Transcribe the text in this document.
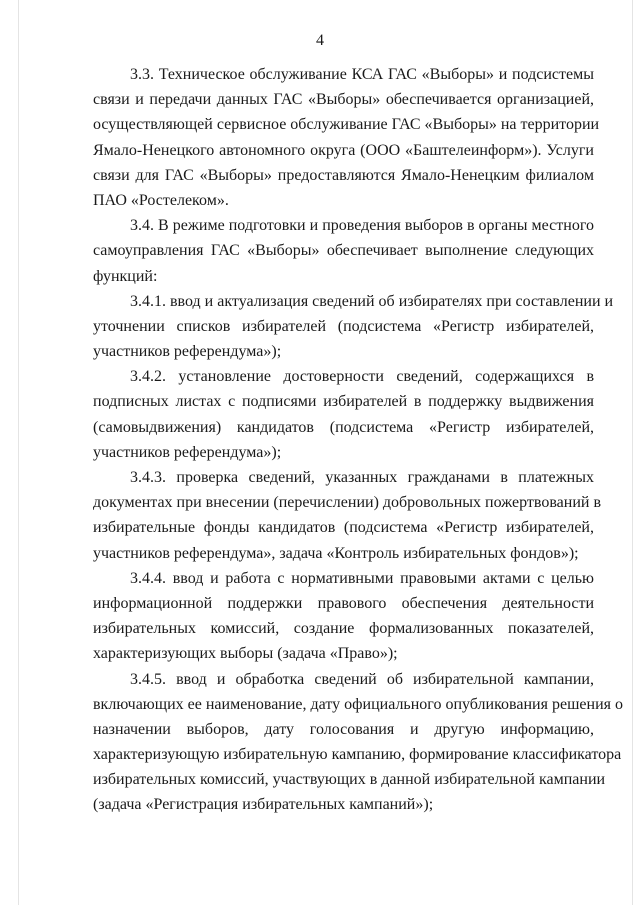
4
3.3. Техническое обслуживание КСА ГАС «Выборы» и подсистемы
связи и передачи данных ГАС «Выборы» обеспечивается организацией,
осуществляющей сервисное обслуживание ГАС «Выборы» на территории
Ямало-Ненецкого автономного округа (ООО «Баштелеинформ»). Услуги
связи для ГАС «Выборы» предоставляются Ямало-Ненецким филиалом
ПАО «Ростелеком».
3.4. В режиме подготовки и проведения выборов в органы местного
самоуправления ГАС «Выборы» обеспечивает выполнение следующих
функций:
3.4.1. ввод и актуализация сведений об избирателях при составлении и
уточнении списков избирателей (подсистема «Регистр избирателей,
участников референдума»);
3.4.2. установление достоверности сведений, содержащихся в
подписных листах с подписями избирателей в поддержку выдвижения
(самовыдвижения) кандидатов (подсистема «Регистр избирателей,
участников референдума»);
3.4.3. проверка сведений, указанных гражданами в платежных
документах при внесении (перечислении) добровольных пожертвований в
избирательные фонды кандидатов (подсистема «Регистр избирателей,
участников референдума», задача «Контроль избирательных фондов»);
3.4.4. ввод и работа с нормативными правовыми актами с целью
информационной поддержки правового обеспечения деятельности
избирательных комиссий, создание формализованных показателей,
характеризующих выборы (задача «Право»);
3.4.5. ввод и обработка сведений об избирательной кампании,
включающих ее наименование, дату официального опубликования решения о
назначении выборов, дату голосования и другую информацию,
характеризующую избирательную кампанию, формирование классификатора
избирательных комиссий, участвующих в данной избирательной кампании
(задача «Регистрация избирательных кампаний»);
